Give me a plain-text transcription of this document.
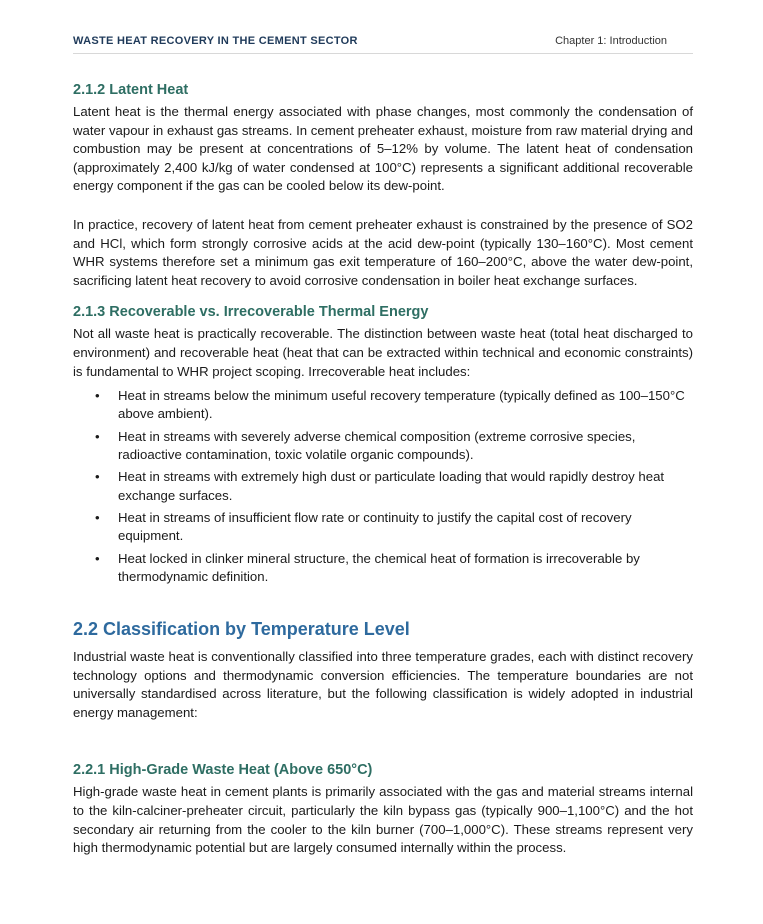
WASTE HEAT RECOVERY IN THE CEMENT SECTOR	Chapter 1: Introduction
2.1.2 Latent Heat

Latent heat is the thermal energy associated with phase changes, most commonly the condensation of water vapour in exhaust gas streams. In cement preheater exhaust, moisture from raw material drying and combustion may be present at concentrations of 5–12% by volume. The latent heat of condensation (approximately 2,400 kJ/kg of water condensed at 100°C) represents a significant additional recoverable energy component if the gas can be cooled below its dew-point.

In practice, recovery of latent heat from cement preheater exhaust is constrained by the presence of SO2 and HCl, which form strongly corrosive acids at the acid dew-point (typically 130–160°C). Most cement WHR systems therefore set a minimum gas exit temperature of 160–200°C, above the water dew-point, sacrificing latent heat recovery to avoid corrosive condensation in boiler heat exchange surfaces.

2.1.3 Recoverable vs. Irrecoverable Thermal Energy

Not all waste heat is practically recoverable. The distinction between waste heat (total heat discharged to environment) and recoverable heat (heat that can be extracted within technical and economic constraints) is fundamental to WHR project scoping. Irrecoverable heat includes:

• Heat in streams below the minimum useful recovery temperature (typically defined as 100–150°C above ambient).
• Heat in streams with severely adverse chemical composition (extreme corrosive species, radioactive contamination, toxic volatile organic compounds).
• Heat in streams with extremely high dust or particulate loading that would rapidly destroy heat exchange surfaces.
• Heat in streams of insufficient flow rate or continuity to justify the capital cost of recovery equipment.
• Heat locked in clinker mineral structure, the chemical heat of formation is irrecoverable by thermodynamic definition.
2.2 Classification by Temperature Level

Industrial waste heat is conventionally classified into three temperature grades, each with distinct recovery technology options and thermodynamic conversion efficiencies. The temperature boundaries are not universally standardised across literature, but the following classification is widely adopted in industrial energy management:

2.2.1 High-Grade Waste Heat (Above 650°C)

High-grade waste heat in cement plants is primarily associated with the gas and material streams internal to the kiln-calciner-preheater circuit, particularly the kiln bypass gas (typically 900–1,100°C) and the hot secondary air returning from the cooler to the kiln burner (700–1,000°C). These streams represent very high thermodynamic potential but are largely consumed internally within the process.
